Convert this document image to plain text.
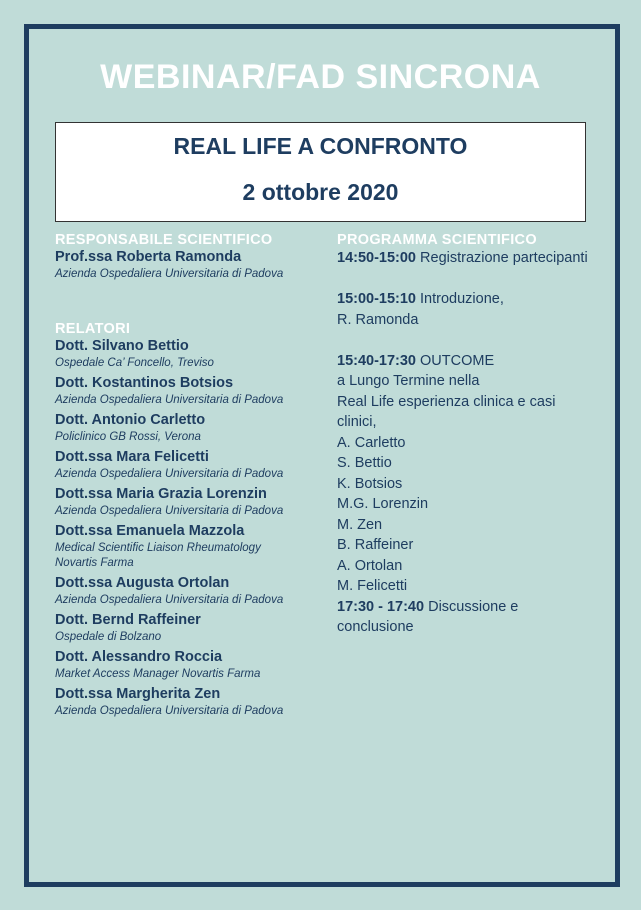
WEBINAR/FAD SINCRONA
REAL LIFE A CONFRONTO
2 ottobre 2020
RESPONSABILE SCIENTIFICO
Prof.ssa Roberta Ramonda
Azienda Ospedaliera Universitaria di Padova
RELATORI
Dott. Silvano Bettio
Ospedale Ca’ Foncello, Treviso
Dott. Kostantinos Botsios
Azienda Ospedaliera Universitaria di Padova
Dott. Antonio Carletto
Policlinico GB Rossi, Verona
Dott.ssa Mara Felicetti
Azienda Ospedaliera Universitaria di Padova
Dott.ssa Maria Grazia Lorenzin
Azienda Ospedaliera Universitaria di Padova
Dott.ssa Emanuela Mazzola
Medical Scientific Liaison Rheumatology
Novartis Farma
Dott.ssa Augusta Ortolan
Azienda Ospedaliera Universitaria di Padova
Dott. Bernd Raffeiner
Ospedale di Bolzano
Dott. Alessandro Roccia
Market Access Manager Novartis Farma
Dott.ssa Margherita Zen
Azienda Ospedaliera Universitaria di Padova
PROGRAMMA SCIENTIFICO
14:50-15:00 Registrazione partecipanti
15:00-15:10 Introduzione,
R. Ramonda
15:40-17:30 OUTCOME
a Lungo Termine nella
Real Life esperienza clinica e casi
clinici,
A. Carletto
S. Bettio
K. Botsios
M.G. Lorenzin
M. Zen
B. Raffeiner
A. Ortolan
M. Felicetti
17:30 - 17:40 Discussione e
conclusione
